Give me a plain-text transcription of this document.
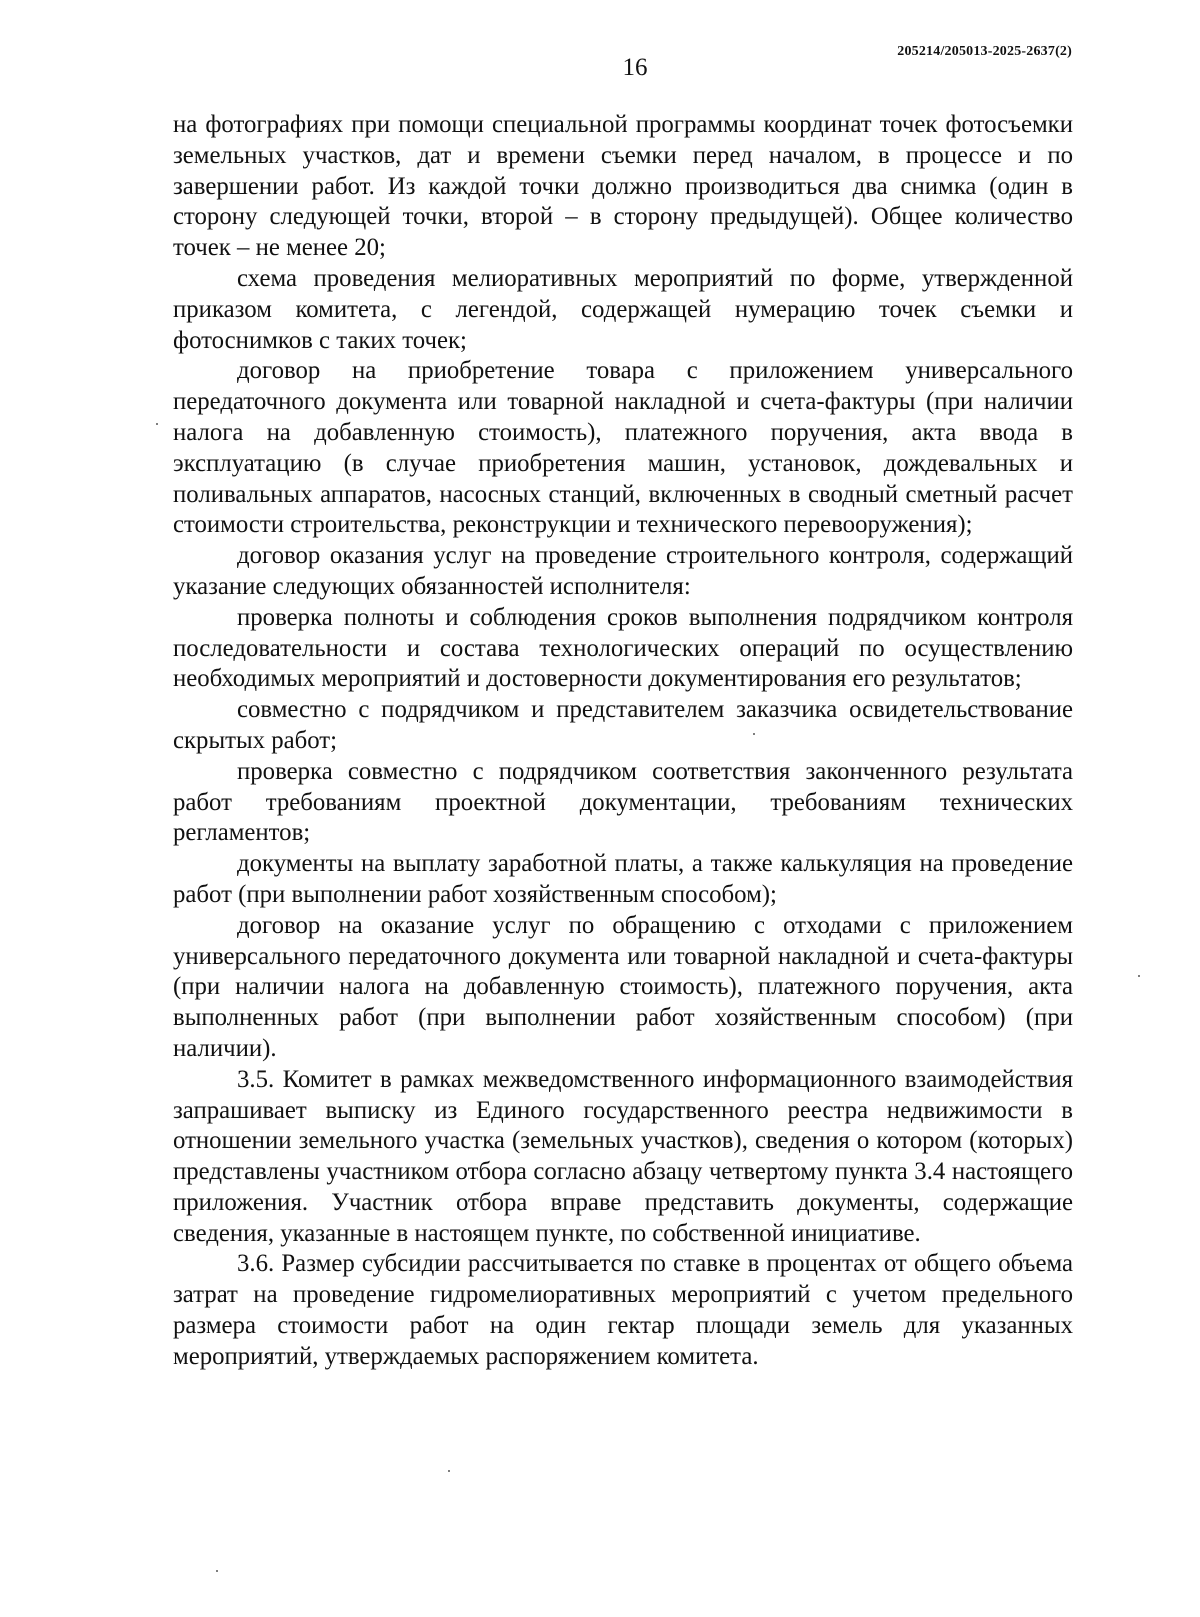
205214/205013-2025-2637(2)
16

на фотографиях при помощи специальной программы координат точек фотосъемки земельных участков, дат и времени съемки перед началом, в процессе и по завершении работ. Из каждой точки должно производиться два снимка (один в сторону следующей точки, второй – в сторону предыдущей). Общее количество точек – не менее 20;

схема проведения мелиоративных мероприятий по форме, утвержденной приказом комитета, с легендой, содержащей нумерацию точек съемки и фотоснимков с таких точек;

договор на приобретение товара с приложением универсального передаточного документа или товарной накладной и счета-фактуры (при наличии налога на добавленную стоимость), платежного поручения, акта ввода в эксплуатацию (в случае приобретения машин, установок, дождевальных и поливальных аппаратов, насосных станций, включенных в сводный сметный расчет стоимости строительства, реконструкции и технического перевооружения);

договор оказания услуг на проведение строительного контроля, содержащий указание следующих обязанностей исполнителя:

проверка полноты и соблюдения сроков выполнения подрядчиком контроля последовательности и состава технологических операций по осуществлению необходимых мероприятий и достоверности документирования его результатов;

совместно с подрядчиком и представителем заказчика освидетельствование скрытых работ;

проверка совместно с подрядчиком соответствия законченного результата работ требованиям проектной документации, требованиям технических регламентов;

документы на выплату заработной платы, а также калькуляция на проведение работ (при выполнении работ хозяйственным способом);

договор на оказание услуг по обращению с отходами с приложением универсального передаточного документа или товарной накладной и счета-фактуры (при наличии налога на добавленную стоимость), платежного поручения, акта выполненных работ (при выполнении работ хозяйственным способом) (при наличии).

3.5. Комитет в рамках межведомственного информационного взаимодействия запрашивает выписку из Единого государственного реестра недвижимости в отношении земельного участка (земельных участков), сведения о котором (которых) представлены участником отбора согласно абзацу четвертому пункта 3.4 настоящего приложения. Участник отбора вправе представить документы, содержащие сведения, указанные в настоящем пункте, по собственной инициативе.

3.6. Размер субсидии рассчитывается по ставке в процентах от общего объема затрат на проведение гидромелиоративных мероприятий с учетом предельного размера стоимости работ на один гектар площади земель для указанных мероприятий, утверждаемых распоряжением комитета.
